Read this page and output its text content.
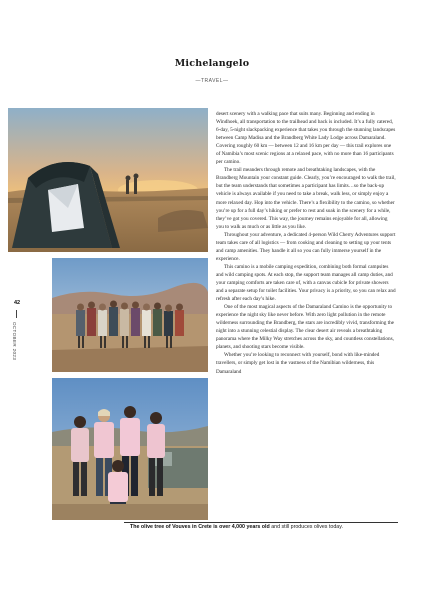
Michelangelo
—TRAVEL—
42
OCTOBER 2023

desert scenery with a walking pace that suits many. Beginning and ending in Windhoek, all transportation to the trailhead and back is included. It’s a fully catered, 6-day, 5-night slackpacking experience that takes you through the stunning landscapes between Camp Madisa and the Brandberg White Lady Lodge across Damaraland. Covering roughly 60 km — between 12 and 16 km per day — this trail explores one of Namibia’s most scenic regions at a relaxed pace, with no more than 16 participants per camino.

The trail meanders through remote and breathtaking landscapes, with the Brandberg Mountain your constant guide. Clearly, you’re encouraged to walk the trail, but the team understands that sometimes a participant has limits…so the back-up vehicle is always available if you need to take a break, walk less, or simply enjoy a more relaxed day. Hop into the vehicle. There’s a flexibility to the camino, so whether you’re up for a full day’s hiking or prefer to rest and soak in the scenery for a while, they’ve got you covered. This way, the journey remains enjoyable for all, allowing you to walk as much or as little as you like.

Throughout your adventure, a dedicated 4-person Wild Cherry Adventures support team takes care of all logistics — from cooking and cleaning to setting up your tents and camp amenities. They handle it all so you can fully immerse yourself in the experience.

This camino is a mobile camping expedition, combining both formal campsites and wild camping spots. At each stop, the support team manages all camp duties, and your camping comforts are taken care of, with a canvas cubicle for private showers and a separate setup for toilet facilities. Your privacy is a priority, so you can relax and refresh after each day’s hike.

One of the most magical aspects of the Damaraland Camino is the opportunity to experience the night sky like never before. With zero light pollution in the remote wilderness surrounding the Brandberg, the stars are incredibly vivid, transforming the night into a stunning celestial display. The clear desert air reveals a breathtaking panorama where the Milky Way stretches across the sky, and countless constellations, planets, and shooting stars become visible.

Whether you’re looking to reconnect with yourself, bond with like-minded travellers, or simply get lost in the vastness of the Namibian wilderness, this Damaraland

The olive tree of Vouves in Crete is over 4,000 years old and still produces olives today.
